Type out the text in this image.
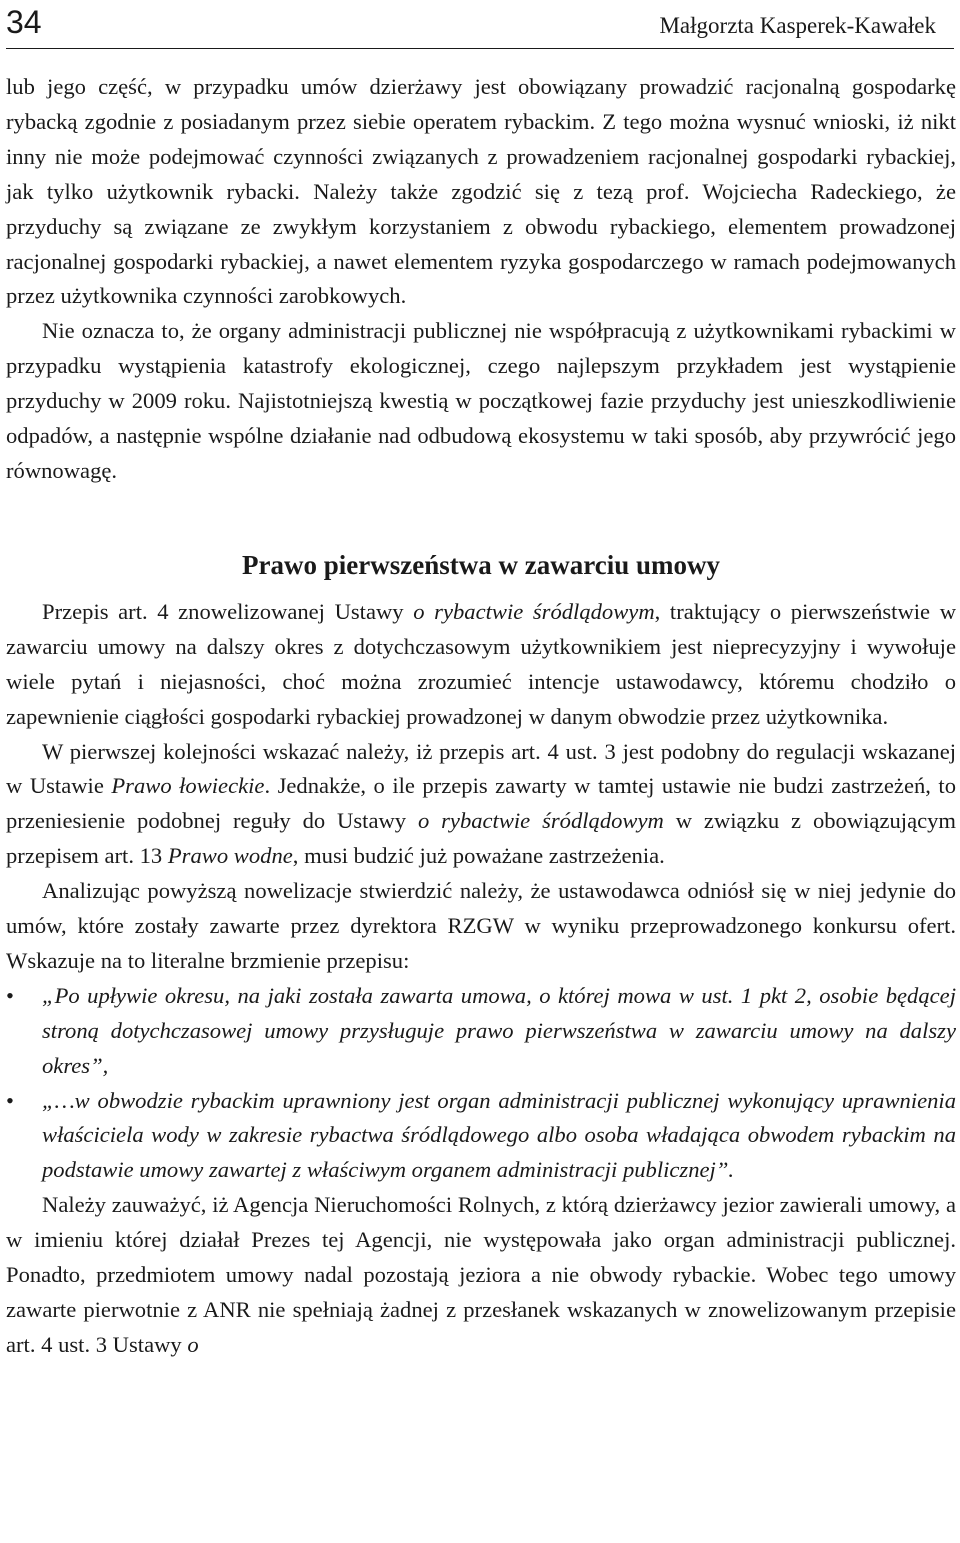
34	Małgorzta Kasperek-Kawałek

lub jego część, w przypadku umów dzierżawy jest obowiązany prowadzić racjonalną gospodarkę rybacką zgodnie z posiadanym przez siebie operatem rybackim. Z tego można wysnuć wnioski, iż nikt inny nie może podejmować czynności związanych z prowadzeniem racjonalnej gospodarki rybackiej, jak tylko użytkownik rybacki. Należy także zgodzić się z tezą prof. Wojciecha Radeckiego, że przyduchy są związane ze zwykłym korzystaniem z obwodu rybackiego, elementem prowadzonej racjonalnej gospodarki rybackiej, a nawet elementem ryzyka gospodarczego w ramach podejmowanych przez użytkownika czynności zarobkowych.

Nie oznacza to, że organy administracji publicznej nie współpracują z użytkownikami rybackimi w przypadku wystąpienia katastrofy ekologicznej, czego najlepszym przykładem jest wystąpienie przyduchy w 2009 roku. Najistotniejszą kwestią w początkowej fazie przyduchy jest unieszkodliwienie odpadów, a następnie wspólne działanie nad odbudową ekosystemu w taki sposób, aby przywrócić jego równowagę.

Prawo pierwszeństwa w zawarciu umowy

Przepis art. 4 znowelizowanej Ustawy o rybactwie śródlądowym, traktujący o pierwszeństwie w zawarciu umowy na dalszy okres z dotychczasowym użytkownikiem jest nieprecyzyjny i wywołuje wiele pytań i niejasności, choć można zrozumieć intencje ustawodawcy, któremu chodziło o zapewnienie ciągłości gospodarki rybackiej prowadzonej w danym obwodzie przez użytkownika.

W pierwszej kolejności wskazać należy, iż przepis art. 4 ust. 3 jest podobny do regulacji wskazanej w Ustawie Prawo łowieckie. Jednakże, o ile przepis zawarty w tamtej ustawie nie budzi zastrzeżeń, to przeniesienie podobnej reguły do Ustawy o rybactwie śródlądowym w związku z obowiązującym przepisem art. 13 Prawo wodne, musi budzić już poważane zastrzeżenia.

Analizując powyższą nowelizacje stwierdzić należy, że ustawodawca odniósł się w niej jedynie do umów, które zostały zawarte przez dyrektora RZGW w wyniku przeprowadzonego konkursu ofert. Wskazuje na to literalne brzmienie przepisu:

• „Po upływie okresu, na jaki została zawarta umowa, o której mowa w ust. 1 pkt 2, osobie będącej stroną dotychczasowej umowy przysługuje prawo pierwszeństwa w zawarciu umowy na dalszy okres”,
• „…w obwodzie rybackim uprawniony jest organ administracji publicznej wykonujący uprawnienia właściciela wody w zakresie rybactwa śródlądowego albo osoba władająca obwodem rybackim na podstawie umowy zawartej z właściwym organem administracji publicznej”.

Należy zauważyć, iż Agencja Nieruchomości Rolnych, z którą dzierżawcy jezior zawierali umowy, a w imieniu której działał Prezes tej Agencji, nie występowała jako organ administracji publicznej. Ponadto, przedmiotem umowy nadal pozostają jeziora a nie obwody rybackie. Wobec tego umowy zawarte pierwotnie z ANR nie spełniają żadnej z przesłanek wskazanych w znowelizowanym przepisie art. 4 ust. 3 Ustawy o
